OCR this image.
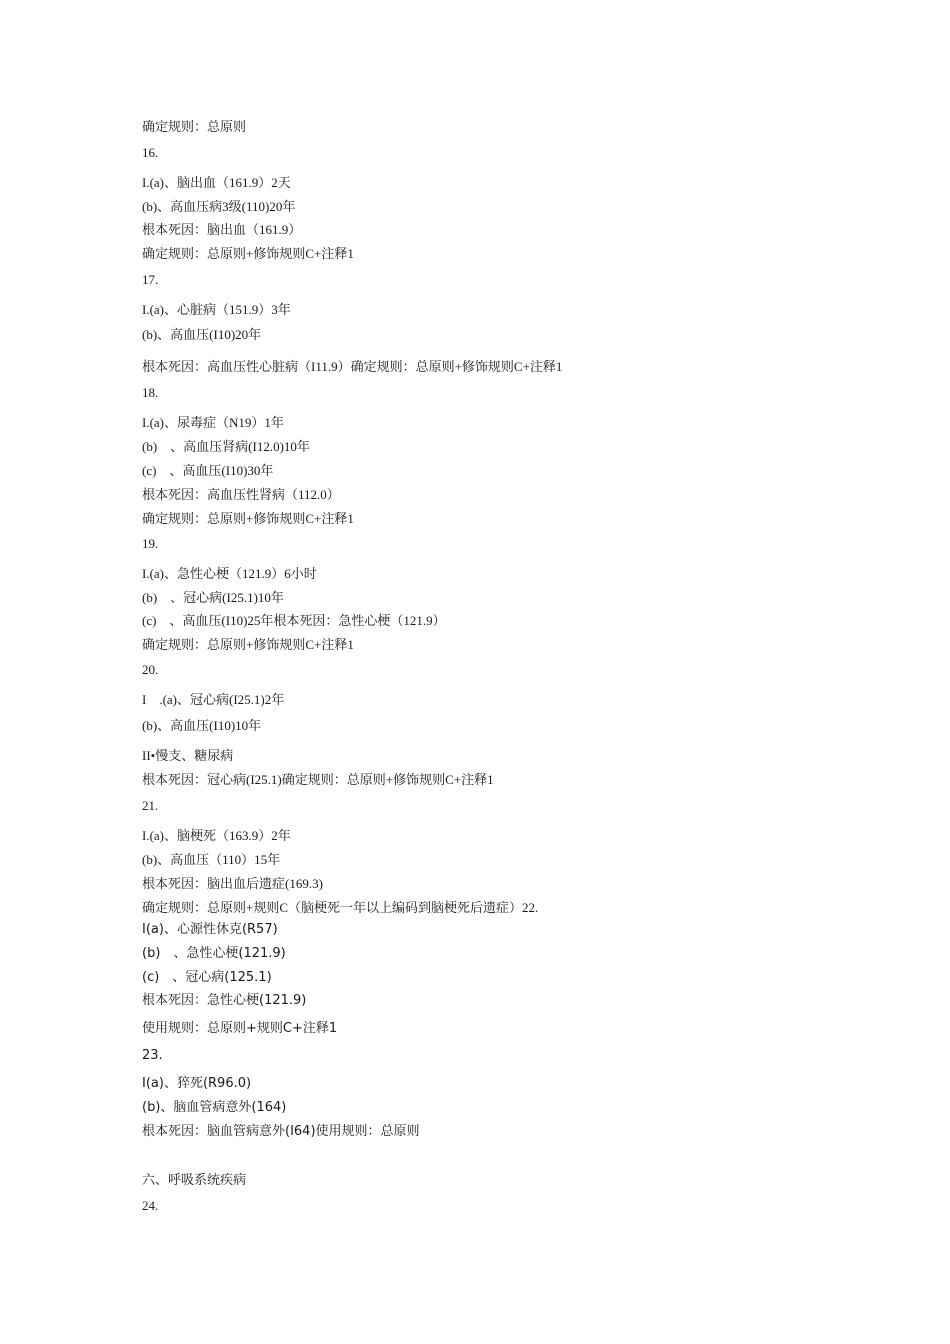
确定规则：总原则
16.
I.(a)、脑出血（161.9）2天
(b)、高血压病3级(110)20年
根本死因：脑出血（161.9）
确定规则：总原则+修饰规则C+注释1
17.
I.(a)、心脏病（151.9）3年
(b)、高血压(I10)20年
根本死因：高血压性心脏病（I11.9）确定规则：总原则+修饰规则C+注释1
18.
I.(a)、尿毒症（N19）1年
(b)　、高血压肾病(I12.0)10年
(c)　、高血压(I10)30年
根本死因：高血压性肾病（112.0）
确定规则：总原则+修饰规则C+注释1
19.
I.(a)、急性心梗（121.9）6小时
(b)　、冠心病(I25.1)10年
(c)　、高血压(I10)25年根本死因：急性心梗（121.9）
确定规则：总原则+修饰规则C+注释1
20.
I　.(a)、冠心病(I25.1)2年
(b)、高血压(I10)10年
II•慢支、糖尿病
根本死因：冠心病(I25.1)确定规则：总原则+修饰规则C+注释1
21.
I.(a)、脑梗死（163.9）2年
(b)、高血压（110）15年
根本死因：脑出血后遗症(169.3)
确定规则：总原则+规则C（脑梗死一年以上编码到脑梗死后遗症）22.
I(a)、心源性休克(R57)
(b)　、急性心梗(121.9)
(c)　、冠心病(125.1)
根本死因：急性心梗(121.9)
使用规则：总原则+规则C+注释1
23.
I(a)、猝死(R96.0)
(b)、脑血管病意外(164)
根本死因：脑血管病意外(I64)使用规则：总原则
六、呼吸系统疾病
24.
